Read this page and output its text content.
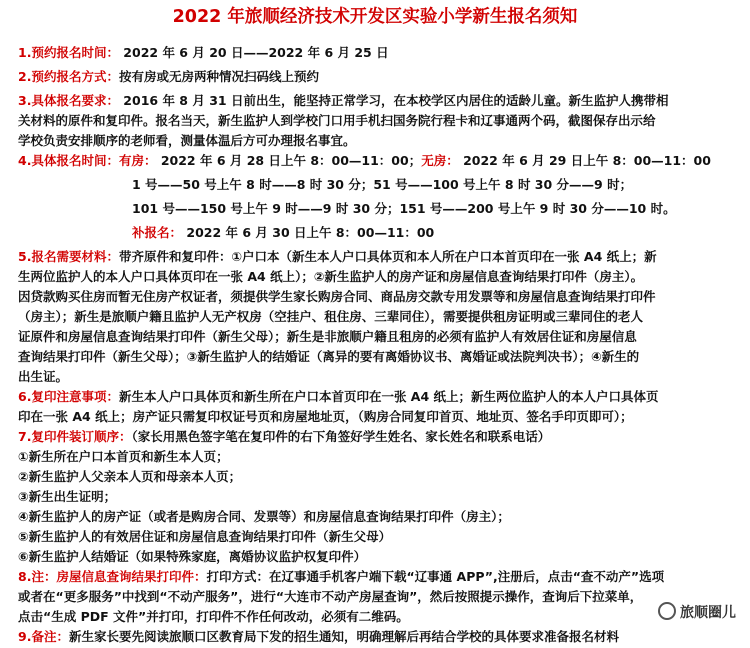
2022 年旅顺经济技术开发区实验小学新生报名须知
1.预约报名时间： 2022 年 6 月 20 日——2022 年 6 月 25 日
2.预约报名方式：按有房或无房两种情况扫码线上预约
3.具体报名要求： 2016 年 8 月 31 日前出生，能坚持正常学习，在本校学区内居住的适龄儿童。新生监护人携带相
关材料的原件和复印件。报名当天，新生监护人到学校门口用手机扫国务院行程卡和辽事通两个码，截图保存出示给
学校负责安排顺序的老师看，测量体温后方可办理报名事宜。
4.具体报名时间：有房： 2022 年 6 月 28 日上午 8：00—11：00；无房： 2022 年 6 月 29 日上午 8：00—11：00
1 号——50 号上午 8 时——8 时 30 分；51 号——100 号上午 8 时 30 分——9 时；
101 号——150 号上午 9 时——9 时 30 分；151 号——200 号上午 9 时 30 分——10 时。
补报名： 2022 年 6 月 30 日上午 8：00—11：00
5.报名需要材料：带齐原件和复印件：①户口本（新生本人户口具体页和本人所在户口本首页印在一张 A4 纸上；新
生两位监护人的本人户口具体页印在一张 A4 纸上）；②新生监护人的房产证和房屋信息查询结果打印件（房主）。
因贷款购买住房而暂无住房产权证者，须提供学生家长购房合同、商品房交款专用发票等和房屋信息查询结果打印件
（房主）；新生是旅顺户籍且监护人无产权房（空挂户、租住房、三辈同住），需要提供租房证明或三辈同住的老人
证原件和房屋信息查询结果打印件（新生父母）；新生是非旅顺户籍且租房的必须有监护人有效居住证和房屋信息
查询结果打印件（新生父母）；③新生监护人的结婚证（离异的要有离婚协议书、离婚证或法院判决书）；④新生的
出生证。
6.复印注意事项：新生本人户口具体页和新生所在户口本首页印在一张 A4 纸上；新生两位监护人的本人户口具体页
印在一张 A4 纸上；房产证只需复印权证号页和房屋地址页，（购房合同复印首页、地址页、签名手印页即可）；
7.复印件装订顺序：（家长用黑色签字笔在复印件的右下角签好学生姓名、家长姓名和联系电话）
①新生所在户口本首页和新生本人页；
②新生监护人父亲本人页和母亲本人页；
③新生出生证明；
④新生监护人的房产证（或者是购房合同、发票等）和房屋信息查询结果打印件（房主）；
⑤新生监护人的有效居住证和房屋信息查询结果打印件（新生父母）
⑥新生监护人结婚证（如果特殊家庭，离婚协议监护权复印件）
8.注：房屋信息查询结果打印件：打印方式：在辽事通手机客户端下载“辽事通 APP”,注册后，点击“查不动产”选项
或者在“更多服务”中找到“不动产服务”，进行“大连市不动产房屋查询”，然后按照提示操作，查询后下拉菜单，
点击“生成 PDF 文件”并打印，打印件不作任何改动，必须有二维码。
9.备注：新生家长要先阅读旅顺口区教育局下发的招生通知，明确理解后再结合学校的具体要求准备报名材料
旅顺圈儿
